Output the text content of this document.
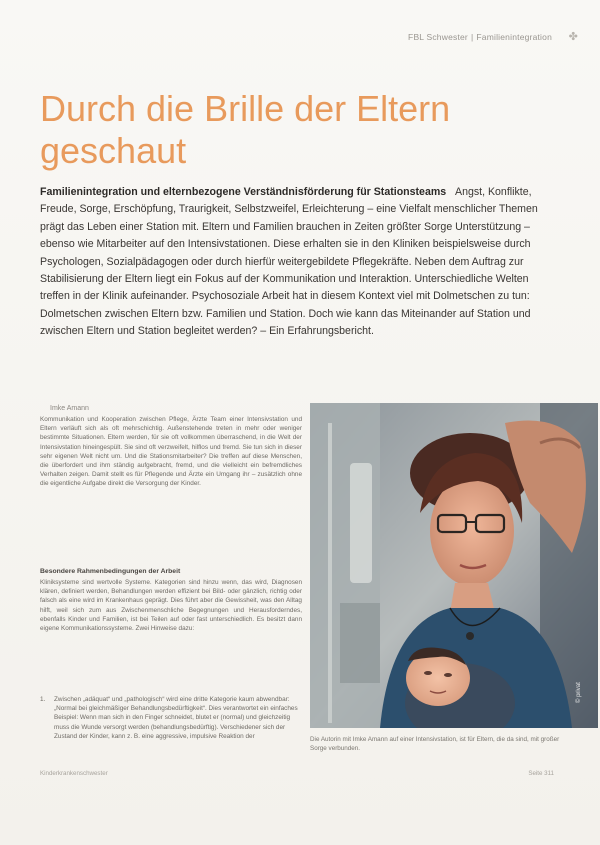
FBL Schwester | Familienintegration ✤
Durch die Brille der Eltern geschaut
Familienintegration und elternbezogene Verständnisförderung für Stationsteams Angst, Konflikte, Freude, Sorge, Erschöpfung, Traurigkeit, Selbstzweifel, Erleichterung – eine Vielfalt menschlicher Themen prägt das Leben einer Station mit. Eltern und Familien brauchen in Zeiten größter Sorge Unterstützung – ebenso wie Mitarbeiter auf den Intensivstationen. Diese erhalten sie in den Kliniken beispielsweise durch Psychologen, Sozialpädagogen oder durch hierfür weitergebildete Pflegekräfte. Neben dem Auftrag zur Stabilisierung der Eltern liegt ein Fokus auf der Kommunikation und Interaktion. Unterschiedliche Welten treffen in der Klinik aufeinander. Psychosoziale Arbeit hat in diesem Kontext viel mit Dolmetschen zu tun: Dolmetschen zwischen Eltern bzw. Familien und Station. Doch wie kann das Miteinander auf Station und zwischen Eltern und Station begleitet werden? – Ein Erfahrungsbericht.
Imke Amann

Kommunikation und Kooperation zwischen Pflege, Ärzte Team einer Intensivstation und Eltern verläuft sich als oft mehrschichtig. Außenstehende treten in mehr oder weniger bestimmte Situationen. Eltern werden, für sie oft vollkommen überraschend, in die Welt der Intensivstation hineingespült. Sie sind oft verzweifelt, hilflos und fremd. Sie tun sich in dieser sehr eigenen Welt nicht um. Und die Stationsmitarbeiter? Die treffen auf diese Menschen, die überfordert und ihm ständig aufgebracht, fremd, und die vielleicht ein befremdliches Verhalten zeigen. Damit stellt es für Pflegende und Ärzte ein Umgang ihr – zusätzlich ohne die eigentliche Aufgabe direkt die Versorgung der Kinder.

Besondere Rahmenbedingungen der Arbeit

Kliniksysteme sind wertvolle Systeme. Kategorien sind hinzu wenn, das wird, Diagnosen klären, definiert werden, Behandlungen werden effizient bei Bild- oder gänzlich, richtig oder falsch als eine wird im Krankenhaus geprägt. Dies führt aber die Gewissheit, was den Alltag hilft, weil sich zum aus Zwischenmenschliche Begegnungen und Herausforderndes, ebenfalls Kinder und Familien, ist bei Teilen auf oder fast unterschiedlich. Es besitzt dann eigene Kommunikationssysteme. Zwei Hinweise dazu:

1.	Zwischen „adäquat“ und „pathologisch“ wird eine dritte Kategorie kaum abwendbar: „Normal bei gleichmäßiger Behandlungsbedürftigkeit“. Dies verantwortet ein einfaches Beispiel: Wenn man sich in den Finger schneidet, blutet er (normal) und gleichzeitig muss die Wunde versorgt werden (behandlungsbedürftig). Verschiedener sich der Zustand der Kinder, kann z. B. eine aggressive, impulsive Reaktion der
© privat
Die Autorin mit Imke Amann auf einer Intensivstation, ist für Eltern, die da sind, mit großer Sorge verbunden.
Kinderkrankenschwester	Seite 311
